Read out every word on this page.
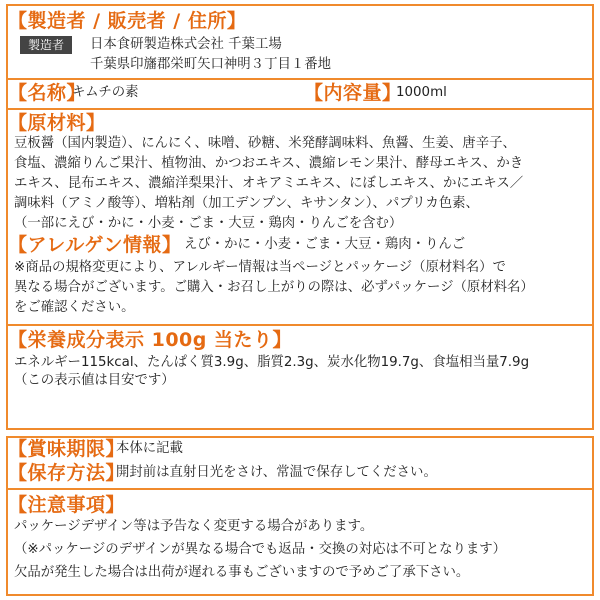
【製造者 / 販売者 / 住所】
製造者	日本食研製造株式会社 千葉工場
千葉県印旛郡栄町矢口神明３丁目１番地
【名称】
キムチの素	【内容量】
1000ml
【原材料】
豆板醤（国内製造）、にんにく、味噌、砂糖、米発酵調味料、魚醤、生姜、唐辛子、
食塩、濃縮りんご果汁、植物油、かつおエキス、濃縮レモン果汁、酵母エキス、かき
エキス、昆布エキス、濃縮洋梨果汁、オキアミエキス、にぼしエキス、かにエキス／
調味料（アミノ酸等）、増粘剤（加工デンプン、キサンタン）、パプリカ色素、
（一部にえび・かに・小麦・ごま・大豆・鶏肉・りんごを含む）
【アレルゲン情報】 えび・かに・小麦・ごま・大豆・鶏肉・りんご
※商品の規格変更により、アレルギー情報は当ページとパッケージ（原材料名）で
異なる場合がございます。ご購入・お召し上がりの際は、必ずパッケージ（原材料名）
をご確認ください。
【栄養成分表示 100g 当たり】
エネルギー115kcal、たんぱく質3.9g、脂質2.3g、炭水化物19.7g、食塩相当量7.9g
（この表示値は目安です）
【賞味期限】
本体に記載
【保存方法】
開封前は直射日光をさけ、常温で保存してください。
【注意事項】
パッケージデザイン等は予告なく変更する場合があります。
（※パッケージのデザインが異なる場合でも返品・交換の対応は不可となります）
欠品が発生した場合は出荷が遅れる事もございますので予めご了承下さい。
